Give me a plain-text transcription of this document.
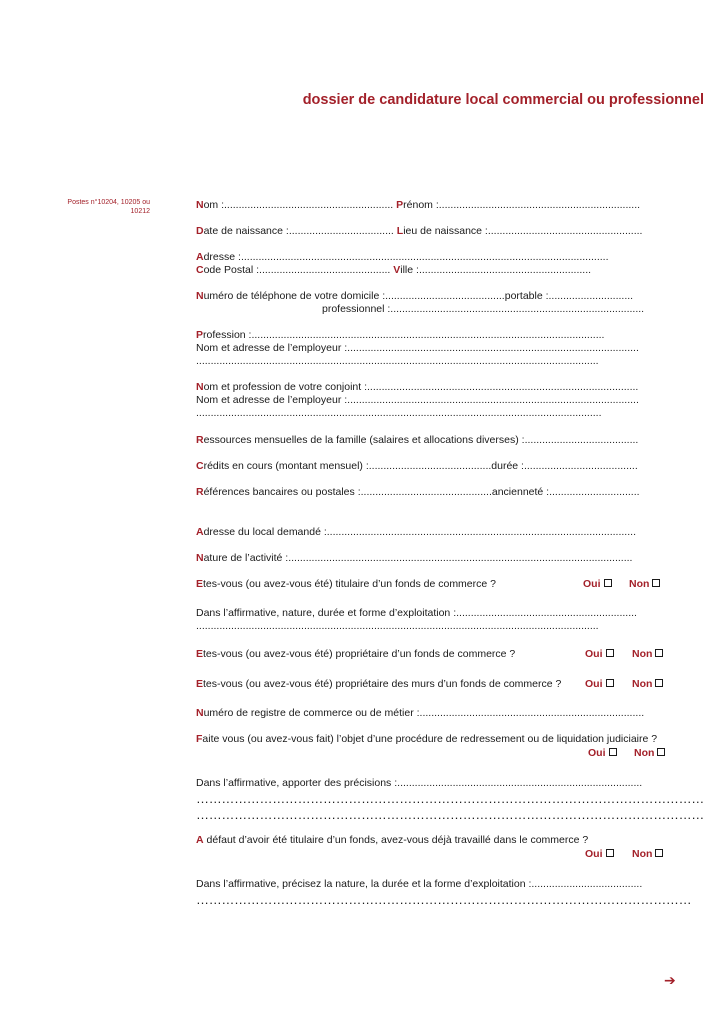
dossier de candidature local commercial ou professionnel
Postes n°10204, 10205 ou 10212
Nom :.......................................................... Prénom :.....................................................................
Date de naissance :.................................... Lieu de naissance :.....................................................
Adresse :..............................................................................................................................
Code Postal :............................................. Ville :...........................................................
Numéro de téléphone de votre domicile :.........................................portable :.............................
professionnel :.......................................................................................
Profession :.........................................................................................................................
Nom et adresse de l’employeur :....................................................................................................
..........................................................................................................................................
Nom et profession de votre conjoint :.............................................................................................
Nom et adresse de l’employeur :....................................................................................................
...........................................................................................................................................
Ressources mensuelles de la famille (salaires et allocations diverses) :.......................................
Crédits en cours (montant mensuel) :..........................................durée :.......................................
Références bancaires ou postales :.............................................ancienneté :...............................
Adresse du local demandé :..........................................................................................................
Nature de l’activité :......................................................................................................................
Etes-vous (ou avez-vous été) titulaire d’un fonds de commerce ?	Oui	Non
Dans l’affirmative, nature, durée et forme d’exploitation :..............................................................
..........................................................................................................................................
Etes-vous (ou avez-vous été) propriétaire d’un fonds de commerce ?	Oui	Non
Etes-vous (ou avez-vous été) propriétaire des murs d’un fonds de commerce ? Oui	Non
Numéro de registre de commerce ou de métier :.............................................................................
Faite vous (ou avez-vous fait) l’objet d’une procédure de redressement ou de liquidation judiciaire ?
Oui	Non
Dans l’affirmative, apporter des précisions :....................................................................................
…………………………………………………………………………………………………………
…………………………………………………………………………………………………………
A défaut d’avoir été titulaire d’un fonds, avez-vous déjà travaillé dans le commerce ?
Oui	Non
Dans l’affirmative, précisez la nature, la durée et la forme d’exploitation :......................................
………………………………………………………………………………………………………
➔
